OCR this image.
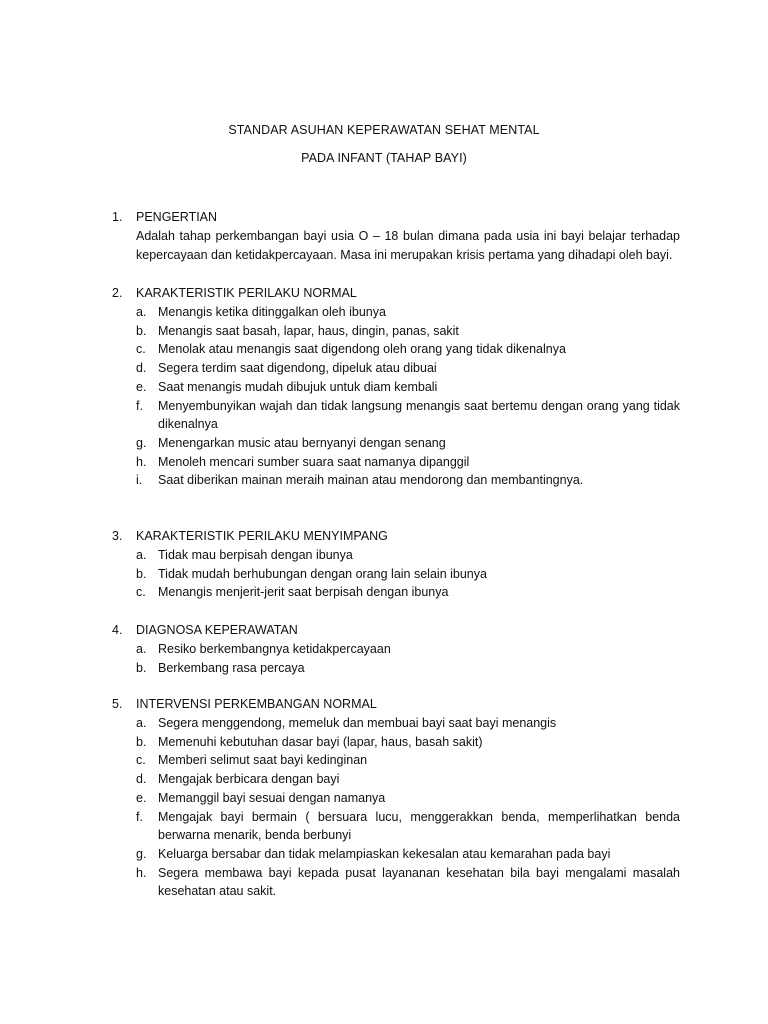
STANDAR ASUHAN KEPERAWATAN SEHAT MENTAL
PADA INFANT (TAHAP BAYI)
1. PENGERTIAN
Adalah tahap perkembangan bayi usia O – 18 bulan dimana pada usia ini bayi belajar terhadap kepercayaan dan ketidakpercayaan. Masa ini merupakan krisis pertama yang dihadapi oleh bayi.
2. KARAKTERISTIK PERILAKU NORMAL
a. Menangis ketika ditinggalkan oleh ibunya
b. Menangis saat basah, lapar, haus, dingin, panas, sakit
c. Menolak atau menangis saat digendong oleh orang yang tidak dikenalnya
d. Segera terdim saat digendong, dipeluk atau dibuai
e. Saat menangis mudah dibujuk untuk diam kembali
f. Menyembunyikan wajah dan tidak langsung menangis saat bertemu dengan orang yang tidak dikenalnya
g. Menengarkan music atau bernyanyi dengan senang
h. Menoleh mencari sumber suara saat namanya dipanggil
i. Saat diberikan mainan meraih mainan atau mendorong dan membantingnya.
3. KARAKTERISTIK PERILAKU MENYIMPANG
a. Tidak mau berpisah dengan ibunya
b. Tidak mudah berhubungan dengan orang lain selain ibunya
c. Menangis menjerit-jerit saat berpisah dengan ibunya
4. DIAGNOSA KEPERAWATAN
a. Resiko berkembangnya ketidakpercayaan
b. Berkembang rasa percaya
5. INTERVENSI PERKEMBANGAN NORMAL
a. Segera menggendong, memeluk dan membuai bayi saat bayi menangis
b. Memenuhi kebutuhan dasar bayi (lapar, haus, basah sakit)
c. Memberi selimut saat bayi kedinginan
d. Mengajak berbicara dengan bayi
e. Memanggil bayi sesuai dengan namanya
f. Mengajak bayi bermain ( bersuara lucu, menggerakkan benda, memperlihatkan benda berwarna menarik, benda berbunyi
g. Keluarga bersabar dan tidak melampiaskan kekesalan atau kemarahan pada bayi
h. Segera membawa bayi kepada pusat layananan kesehatan bila bayi mengalami masalah kesehatan atau sakit.
